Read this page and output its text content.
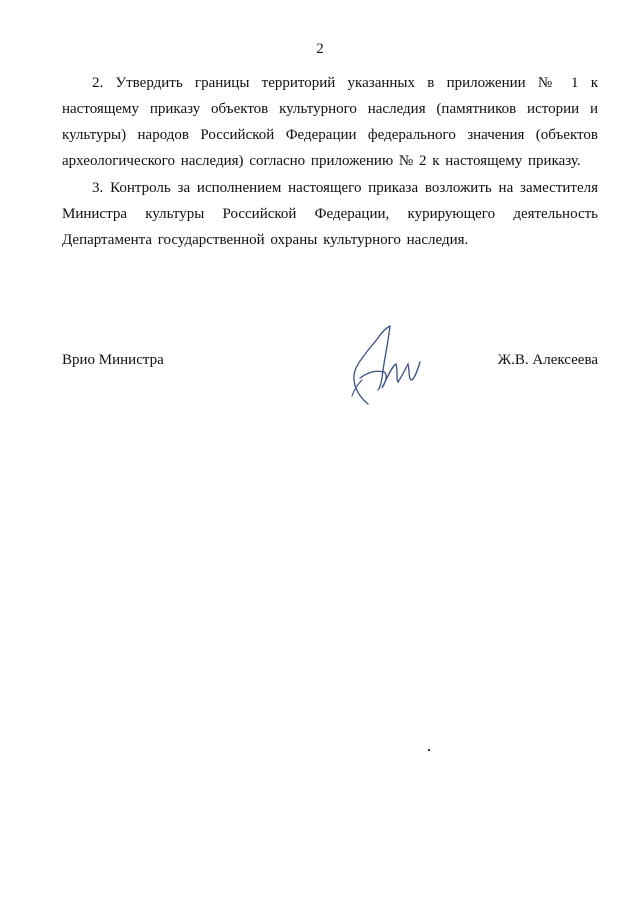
2

2. Утвердить границы территорий указанных в приложении № 1 к настоящему приказу объектов культурного наследия (памятников истории и культуры) народов Российской Федерации федерального значения (объектов археологического наследия) согласно приложению № 2 к настоящему приказу.

3. Контроль за исполнением настоящего приказа возложить на заместителя Министра культуры Российской Федерации, курирующего деятельность Департамента государственной охраны культурного наследия.

Врио Министра	Ж.В. Алексеева
